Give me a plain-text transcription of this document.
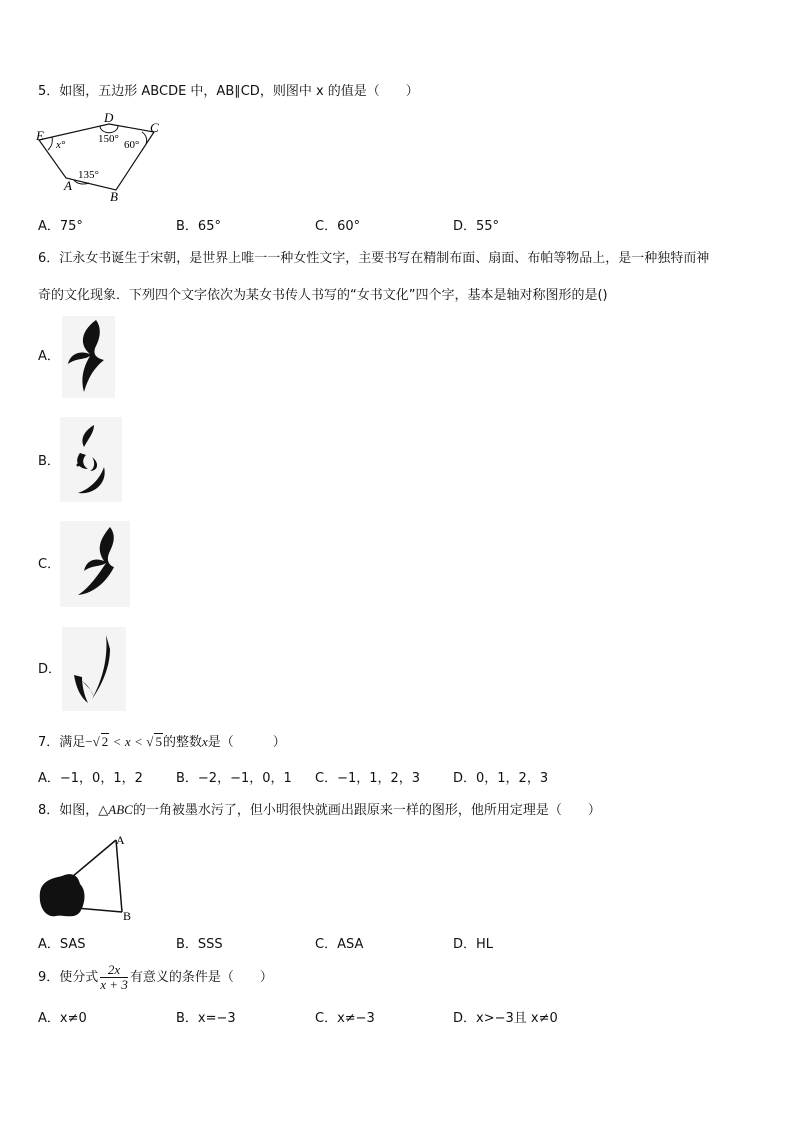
5．如图，五边形 ABCDE 中，AB∥CD，则图中 x 的值是（　　）
E
D
C
A
B
x°	150° 60°
135°
A．75°	B．65°	C．60°	D．55°
6．江永女书诞生于宋朝，是世界上唯一一种女性文字，主要书写在精制布面、扇面、布帕等物品上，是一种独特而神
奇的文化现象．下列四个文字依次为某女书传人书写的“女书文化”四个字，基本是轴对称图形的是()
A．
B．
C．
D．
7．满足−√ 2 < x < √ 5的整数x是（　　　）
A．−1，0，1，2	B．−2，−1，0，1 C．−1，1，2，3	D．0，1，2，3
8．如图，△ABC的一角被墨水污了，但小明很快就画出跟原来一样的图形，他所用定理是（　　）
A
B
A．SAS	B．SSS	C．ASA	D．HL
9．使分式 $\frac{2x}{x + 3}$ 有意义的条件是（　　）
A．x≠0	B．x=−3	C．x≠−3	D．x>−3且 x≠0
